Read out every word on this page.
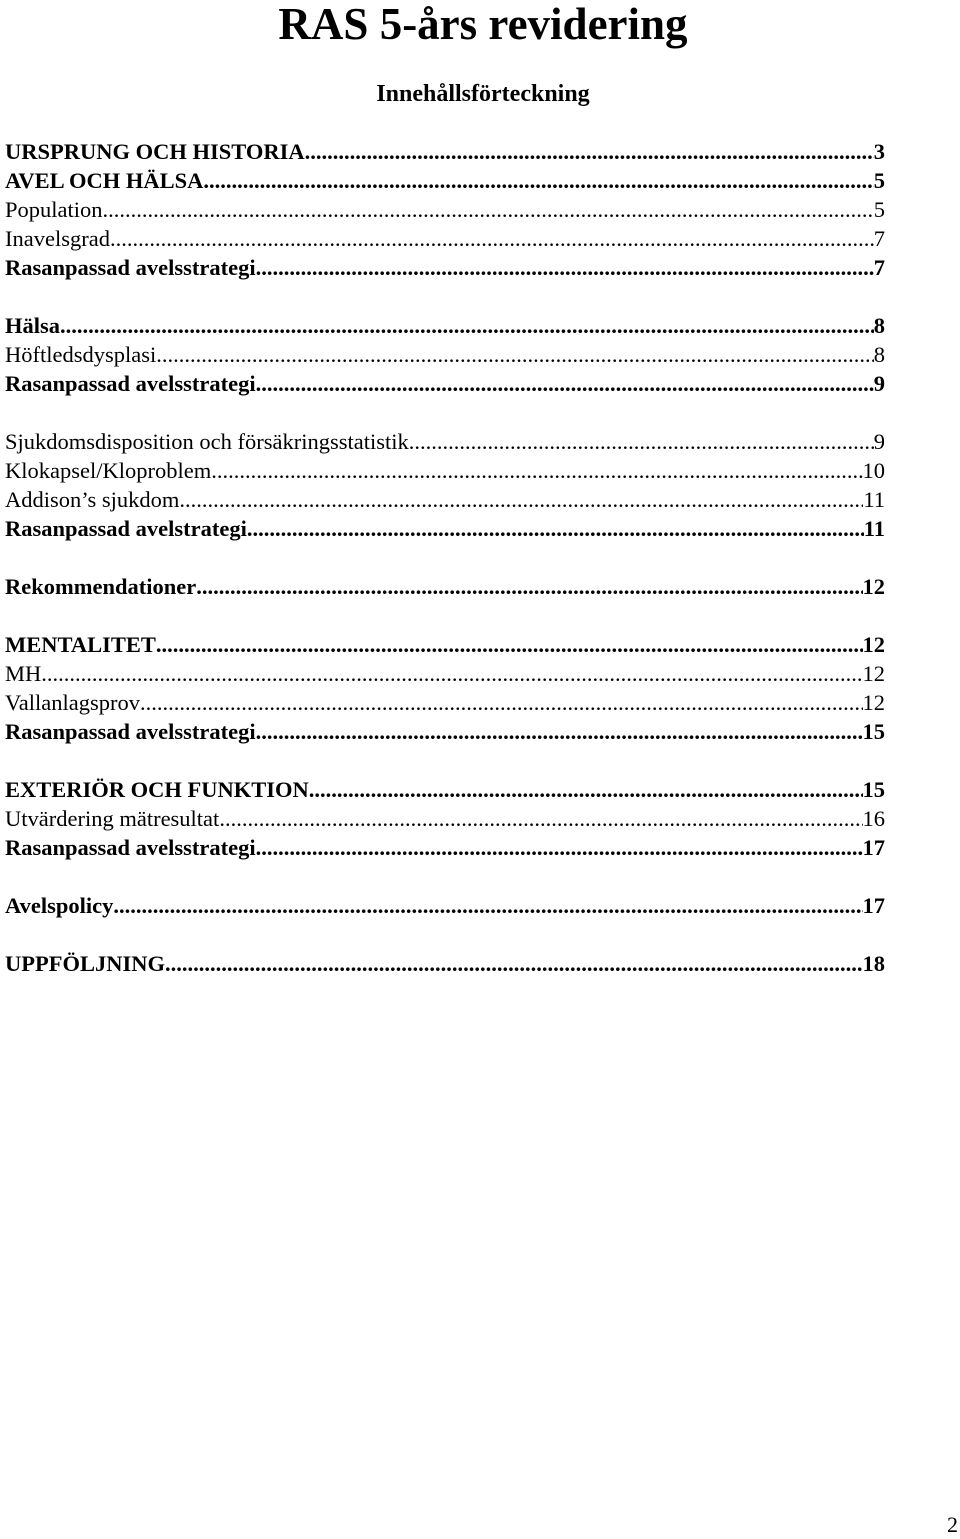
RAS 5-års revidering
Innehållsförteckning
URSPRUNG OCH HISTORIA .....	3
AVEL OCH HÄLSA .....	5
Population .....	5
Inavelsgrad .....	7
Rasanpassad avelsstrategi .....	7
Hälsa .....	8
Höftledsdysplasi .....	8
Rasanpassad avelsstrategi .....	9
Sjukdomsdisposition och försäkringsstatistik .....	9
Klokapsel/Kloproblem .....	10
Addison’s sjukdom .....	11
Rasanpassad avelstrategi .....	11
Rekommendationer .....	12
MENTALITET .....	12
MH .....	12
Vallanlagsprov .....	12
Rasanpassad avelsstrategi .....	15
EXTERIÖR OCH FUNKTION .....	15
Utvärdering mätresultat .....	16
Rasanpassad avelsstrategi .....	17
Avelspolicy .....	17
UPPFÖLJNING .....	18
2
